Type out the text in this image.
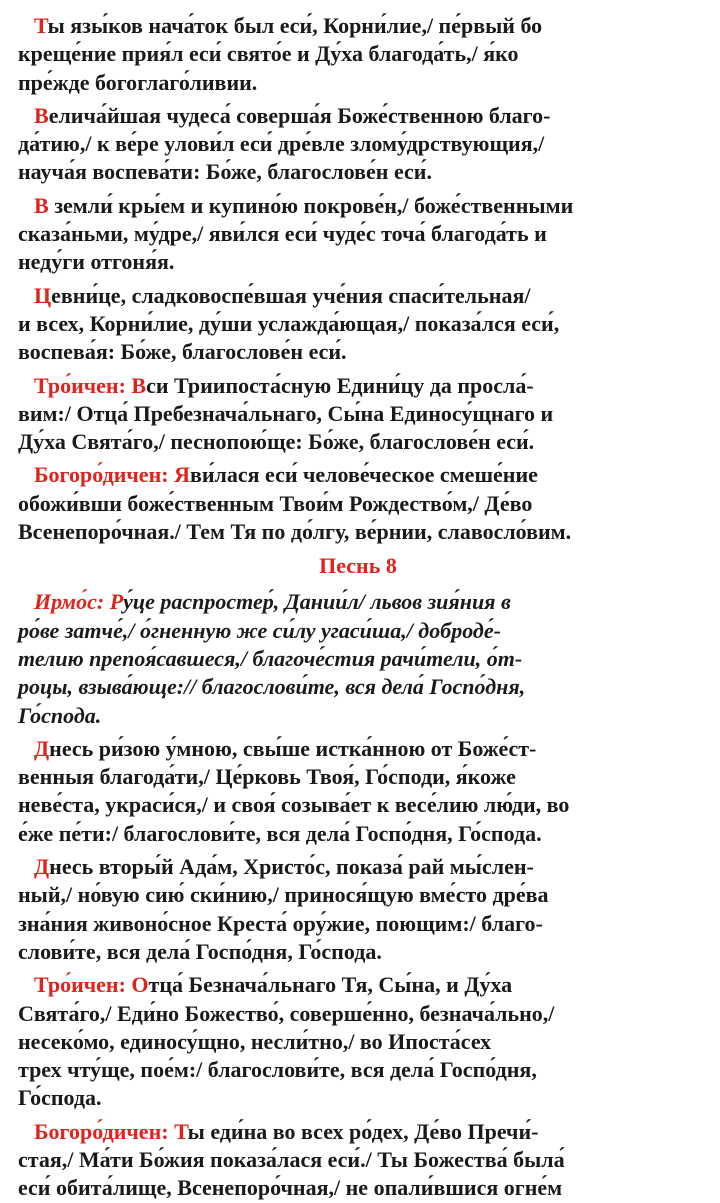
Ты язы́ков нача́ток был еси́, Корни́лие,/ пе́рвый бо
креще́ние прия́л еси́ свято́е и Ду́ха благода́ть,/ я́ко
пре́жде богоглаго́ливии.
Велича́йшая чудеса́ соверша́я Боже́ственною благо-
да́тию,/ к ве́ре улови́л еси́ дре́вле злому́дрствующия,/
науча́я воспева́ти: Бо́же, благослове́н еси́.
В земли́ кры́ем и купино́ю покрове́н,/ боже́ственными
сказа́ньми, му́дре,/ яви́лся еси́ чуде́с точа́ благода́ть и
неду́ги отгоня́я.
Цевни́це, сладковоспе́вшая уче́ния спаси́тельная/
и всех, Корни́лие, ду́ши услажда́ющая,/ показа́лся еси́,
воспева́я: Бо́же, благослове́н еси́.
Тро́ичен: Вси Триипоста́сную Едини́цу да просла́-
вим:/ Отца́ Пребезнача́льнаго, Сы́на Единосу́щнаго и
Ду́ха Свята́го,/ песнопою́ще: Бо́же, благослове́н еси́.
Богоро́дичен: Яви́лася еси́ челове́ческое смеше́ние
обожи́вши боже́ственным Твои́м Рождество́м,/ Де́во
Всенепоро́чная./ Тем Тя по до́лгу, ве́рнии, славосло́вим.
Песнь 8
Ирмо́с: Ру́це распростер́, Дании́л/ львов зия́ния в
ро́ве затче́,/ о́гненную же си́лу угаси́ша,/ доброде́-
телию препоя́савшеся,/ благоче́стия рачи́тели, о́т-
роцы, взыва́юще:// благослови́те, вся дела́ Госпо́дня,
Го́спода.
Днесь ри́зою у́мною, свы́ше истка́нною от Боже́ст-
венныя благода́ти,/ Це́рковь Твоя́, Го́споди, я́коже
неве́ста, украси́ся,/ и своя́ созыва́ет к весе́лию лю́ди, во
е́же пе́ти:/ благослови́те, вся дела́ Госпо́дня, Го́спода.
Днесь вторы́й Ада́м, Христо́с, показа́ рай мы́слен-
ный,/ но́вую сию́ ски́нию,/ принося́щую вме́сто дре́ва
зна́ния живоно́сное Креста́ ору́жие, поющим:/ благо-
слови́те, вся дела́ Госпо́дня, Го́спода.
Тро́ичен: Отца́ Безнача́льнаго Тя, Сы́на, и Ду́ха
Свята́го,/ Еди́но Божество́, соверше́нно, безнача́льно,/
несеко́мо, единосу́щно, несли́тно,/ во Ипоста́сех
трех чту́ще, пое́м:/ благослови́те, вся дела́ Госпо́дня,
Го́спода.
Богоро́дичен: Ты еди́на во всех ро́дех, Де́во Пречи́-
стая,/ Ма́ти Бо́жия показа́лася еси́./ Ты Божества́ была́
еси́ обита́лище, Всенепоро́чная,/ не опали́вшися огне́м
